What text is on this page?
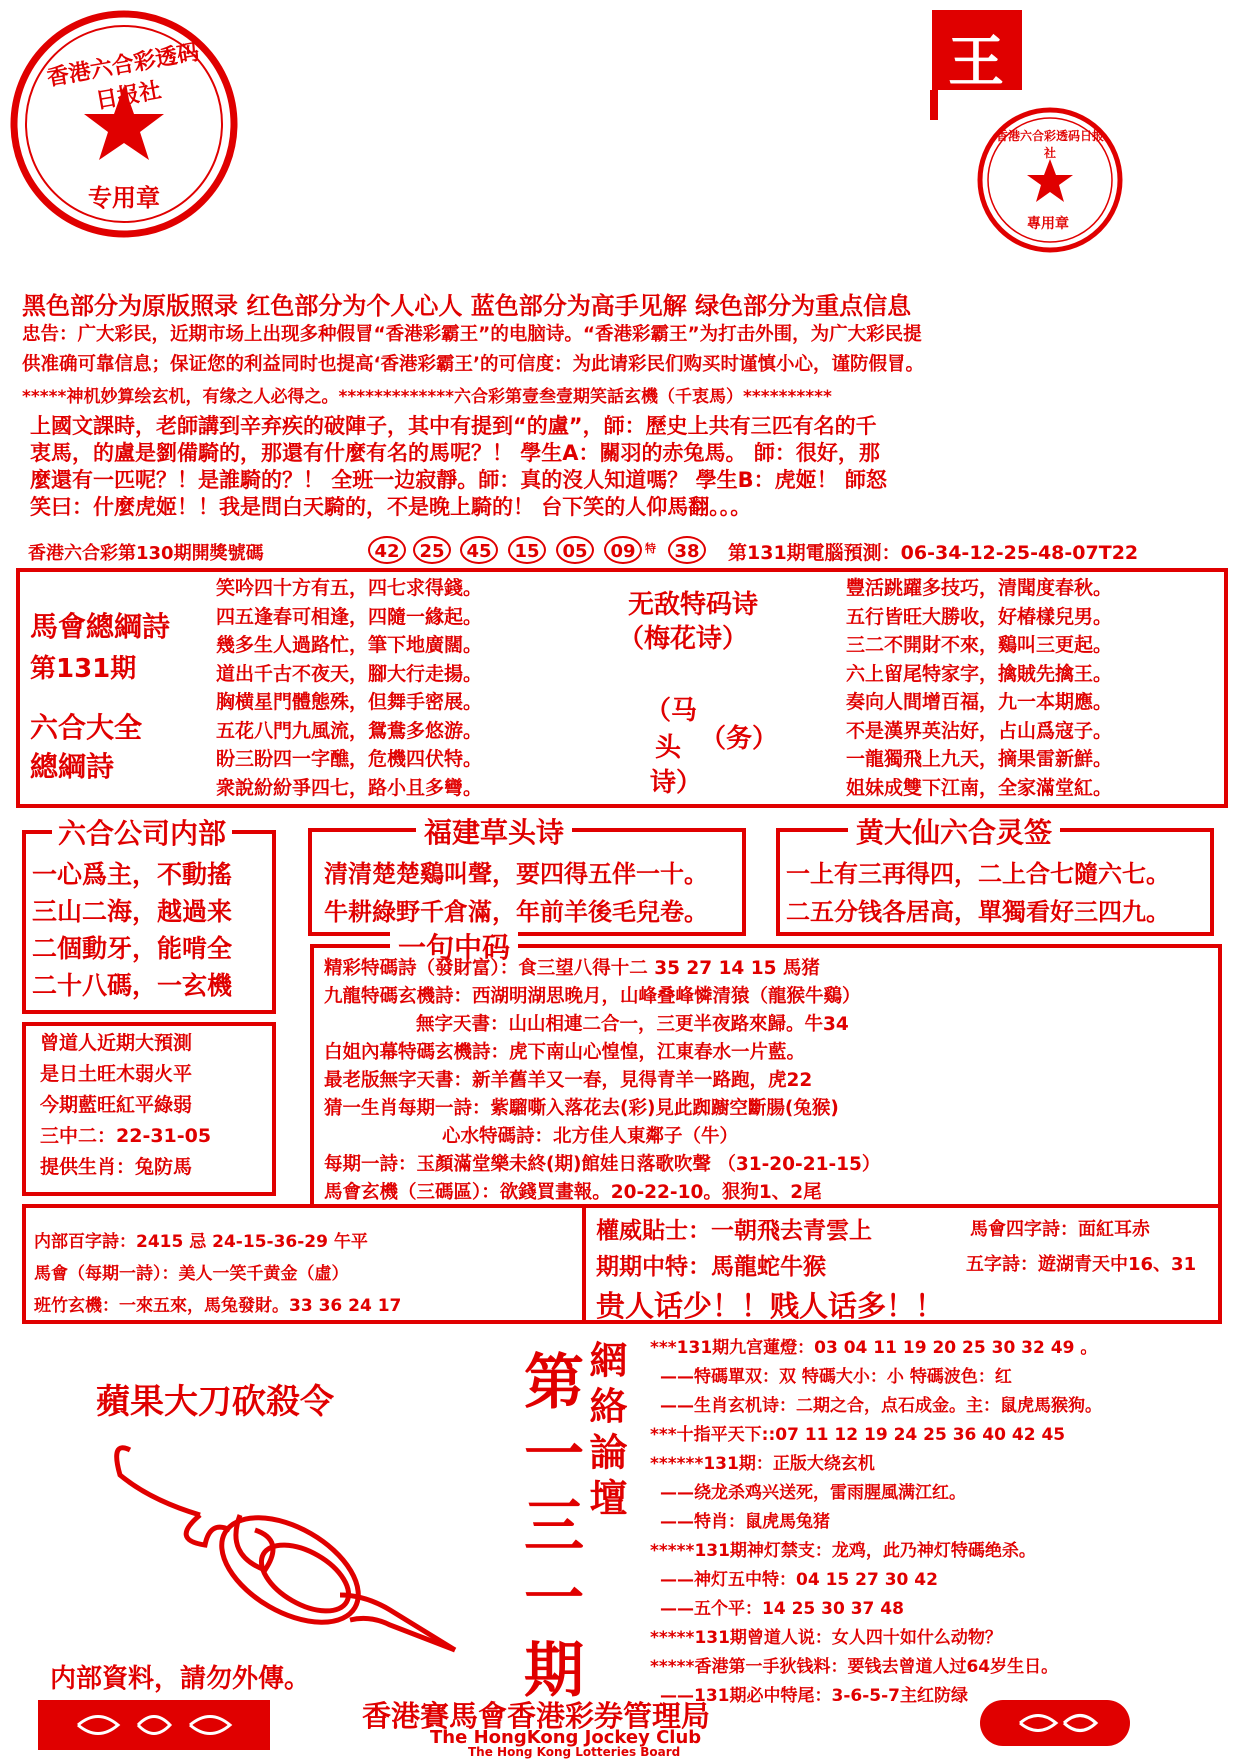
香港六合彩透码日报社
专用章
王
香港六合彩透码日报社
專用章
黑色部分为原版照录 红色部分为个人心人 蓝色部分为高手见解 绿色部分为重点信息
忠告：广大彩民，近期市场上出现多种假冒“香港彩霸王”的电脑诗。“香港彩霸王”为打击外围，为广大彩民提
供准确可靠信息；保证您的利益同时也提高‘香港彩霸王’的可信度：为此请彩民们购买时谨慎小心，谨防假冒。
*****神机妙算绘玄机，有缘之人必得之。*************六合彩第壹叁壹期笑話玄機（千衷馬）**********
上國文課時，老師講到辛弃疾的破陣子，其中有提到“的盧”，師：歷史上共有三匹有名的千
衷馬，的盧是劉備騎的，那還有什麼有名的馬呢？！ 學生A：關羽的赤兔馬。 師：很好，那
麼還有一匹呢？！是誰騎的？！ 全班一边寂靜。師：真的沒人知道嗎？ 學生B：虎姬！ 師怒
笑曰：什麼虎姬！！我是問白天騎的，不是晚上騎的！ 台下笑的人仰馬翻。。。
香港六合彩第130期開獎號碼	42	25	45	15	05	09 特	38	第131期電腦預測：06-34-12-25-48-07T22
馬會總綱詩
第131期
六合大全
總綱詩
笑吟四十方有五，四七求得錢。
四五逢春可相逢，四隨一緣起。
幾多生人過路忙，筆下地廣闊。
道出千古不夜天，腳大行走揚。
胸横星門體態殊，但舞手密展。
五花八門九風流，鴛鴦多悠游。
盼三盼四一字醮，危機四伏特。
衆說紛紛爭四七，路小且多彎。
无敌特码诗
（梅花诗）
（马
头
诗）
（务）
豐活跳躍多技巧，清聞度春秋。
五行皆旺大勝收，好椿樣兒男。
三二不開財不來，鷄叫三更起。
六上留尾特家字，擒賊先擒王。
奏向人間增百福，九一本期應。
不是漢界英沾好，占山爲寇子。
一龍獨飛上九天，摘果雷新鮮。
姐妹成雙下江南，全家滿堂紅。
六合公司内部
一心爲主，不動搖
三山二海，越過来
二個動牙，能啃全
二十八碼，一玄機
福建草头诗
清清楚楚鷄叫聲，要四得五伴一十。
牛耕綠野千倉滿，年前羊後毛兒卷。
黄大仙六合灵签
一上有三再得四，二上合七隨六七。
二五分钱各居高，單獨看好三四九。
曾道人近期大預測
是日土旺木弱火平
今期藍旺紅平綠弱
三中二：22-31-05
提供生肖：兔防馬
一句中码
精彩特碼詩（發財富）：食三望八得十二 35 27 14 15 馬猪
九龍特碼玄機詩：西湖明湖思晚月，山峰叠峰憐清猿（龍猴牛鷄）
無字天書：山山相連二合一，三更半夜路來歸。牛34
白姐內幕特碼玄機詩：虎下南山心惶惶，江東春水一片藍。
最老版無字天書：新羊舊羊又一春，見得青羊一路跑，虎22
猜一生肖每期一詩：紫騮嘶入落花去(彩)見此踟躕空斷腸(兔猴)
心水特碼詩：北方佳人東鄰子（牛）
每期一詩：玉顏滿堂樂未終(期)館娃日落歌吹聲 （31-20-21-15）
馬會玄機（三碼區）：欲錢買畫報。20-22-10。狠狗1、2尾
内部百字詩：2415 忌 24-15-36-29 午平
馬會（每期一詩）：美人一笑千黄金（虛）
班竹玄機：一來五來，馬兔發財。33 36 24 17
權威貼士：一朝飛去青雲上	馬會四字詩：面紅耳赤
期期中特：馬龍蛇牛猴	五字詩：遊湖青天中16、31
贵人话少！！贱人话多！！
蘋果大刀砍殺令
内部資料，請勿外傳。	第一三一期 網絡論壇	***131期九宫蓮燈：03 04 11 19 20 25 30 32 49 。
——特碼單双：双 特碼大小：小 特碼波色：红
——生肖玄机诗：二期之合，点石成金。主：鼠虎馬猴狗。
***十指平天下::07 11 12 19 24 25 36 40 42 45
******131期：正版大绕玄机
——绕龙杀鸡兴送死，雷雨腥風满江红。
——特肖：鼠虎馬兔猪
*****131期神灯禁支：龙鸡，此乃神灯特碼绝杀。
——神灯五中特：04 15 27 30 42
——五个平：14 25 30 37 48
*****131期曾道人说：女人四十如什么动物？
*****香港第一手狄钱料：要钱去曾道人过64岁生日。
——131期必中特尾：3-6-5-7主红防绿
香港賽馬會香港彩券管理局
The HongKong Jockey Club
The Hong Kong Lotteries Board
